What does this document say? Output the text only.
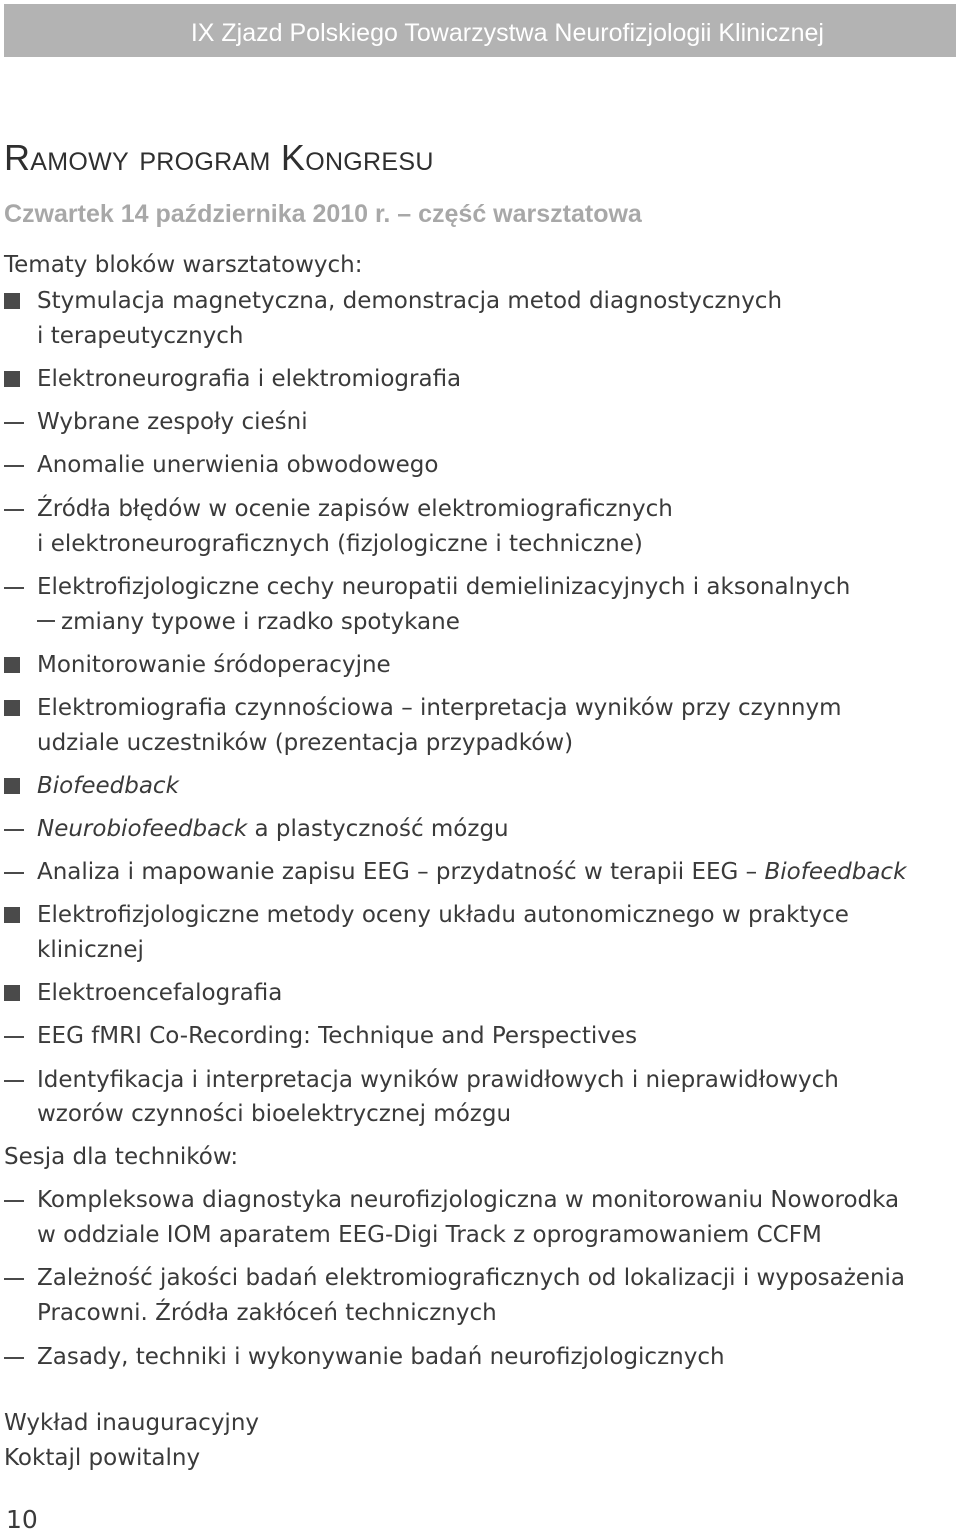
IX Zjazd Polskiego Towarzystwa Neurofizjologii Klinicznej
Ramowy program Kongresu
Czwartek 14 października 2010 r. – część warsztatowa
Tematy bloków warsztatowych:
Stymulacja magnetyczna, demonstracja metod diagnostycznych
i terapeutycznych
Elektroneurografia i elektromiografia
Wybrane zespoły cieśni
Anomalie unerwienia obwodowego
Źródła błędów w ocenie zapisów elektromiograficznych
i elektroneurograficznych (fizjologiczne i techniczne)
Elektrofizjologiczne cechy neuropatii demielinizacyjnych i aksonalnych
zmiany typowe i rzadko spotykane
Monitorowanie śródoperacyjne
Elektromiografia czynnościowa – interpretacja wyników przy czynnym
udziale uczestników (prezentacja przypadków)
Biofeedback
Neurobiofeedback a plastyczność mózgu
Analiza i mapowanie zapisu EEG – przydatność w terapii EEG – Biofeedback
Elektrofizjologiczne metody oceny układu autonomicznego w praktyce
klinicznej
Elektroencefalografia
EEG fMRI Co-Recording: Technique and Perspectives
Identyfikacja i interpretacja wyników prawidłowych i nieprawidłowych
wzorów czynności bioelektrycznej mózgu
Sesja dla techników:
Kompleksowa diagnostyka neurofizjologiczna w monitorowaniu Noworodka
w oddziale IOM aparatem EEG-Digi Track z oprogramowaniem CCFM
Zależność jakości badań elektromiograficznych od lokalizacji i wyposażenia
Pracowni. Źródła zakłóceń technicznych
Zasady, techniki i wykonywanie badań neurofizjologicznych
Wykład inauguracyjny
Koktajl powitalny
10
